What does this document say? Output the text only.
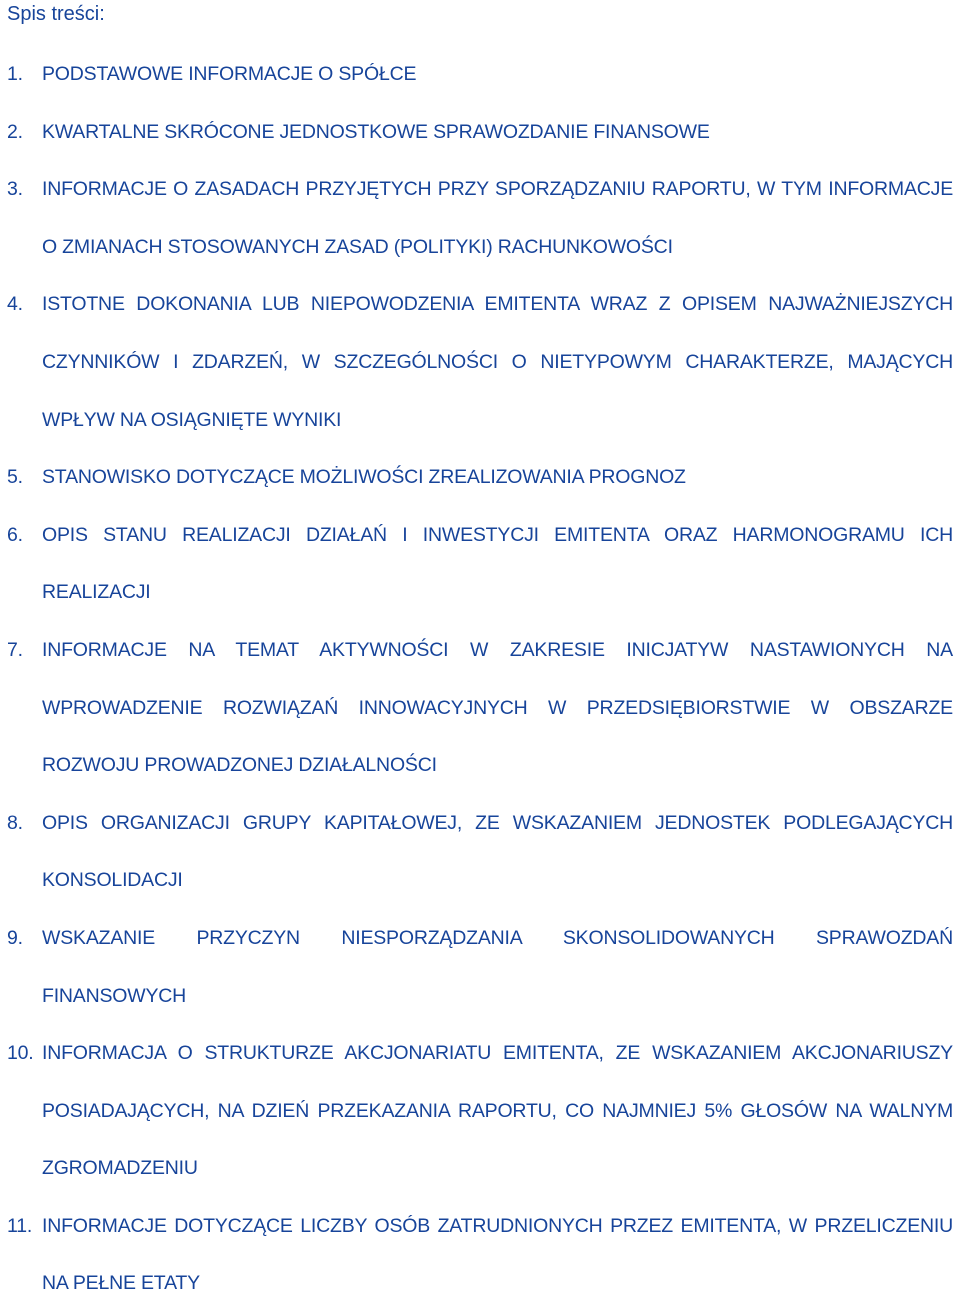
Spis treści:
1. PODSTAWOWE INFORMACJE O SPÓŁCE
2. KWARTALNE SKRÓCONE JEDNOSTKOWE SPRAWOZDANIE FINANSOWE
3. INFORMACJE O ZASADACH PRZYJĘTYCH PRZY SPORZĄDZANIU RAPORTU, W TYM INFORMACJE O ZMIANACH STOSOWANYCH ZASAD (POLITYKI) RACHUNKOWOŚCI
4. ISTOTNE DOKONANIA LUB NIEPOWODZENIA EMITENTA WRAZ Z OPISEM NAJWAŻNIEJSZYCH CZYNNIKÓW I ZDARZEŃ, W SZCZEGÓLNOŚCI O NIETYPOWYM CHARAKTERZE, MAJĄCYCH WPŁYW NA OSIĄGNIĘTE WYNIKI
5. STANOWISKO DOTYCZĄCE MOŻLIWOŚCI ZREALIZOWANIA PROGNOZ
6. OPIS STANU REALIZACJI DZIAŁAŃ I INWESTYCJI EMITENTA ORAZ HARMONOGRAMU ICH REALIZACJI
7. INFORMACJE NA TEMAT AKTYWNOŚCI W ZAKRESIE INICJATYW NASTAWIONYCH NA WPROWADZENIE ROZWIĄZAŃ INNOWACYJNYCH W PRZEDSIĘBIORSTWIE W OBSZARZE ROZWOJU PROWADZONEJ DZIAŁALNOŚCI
8. OPIS ORGANIZACJI GRUPY KAPITAŁOWEJ, ZE WSKAZANIEM JEDNOSTEK PODLEGAJĄCYCH KONSOLIDACJI
9. WSKAZANIE PRZYCZYN NIESPORZĄDZANIA SKONSOLIDOWANYCH SPRAWOZDAŃ FINANSOWYCH
10. INFORMACJA O STRUKTURZE AKCJONARIATU EMITENTA, ZE WSKAZANIEM AKCJONARIUSZY POSIADAJĄCYCH, NA DZIEŃ PRZEKAZANIA RAPORTU, CO NAJMNIEJ 5% GŁOSÓW NA WALNYM ZGROMADZENIU
11. INFORMACJE DOTYCZĄCE LICZBY OSÓB ZATRUDNIONYCH PRZEZ EMITENTA, W PRZELICZENIU NA PEŁNE ETATY
